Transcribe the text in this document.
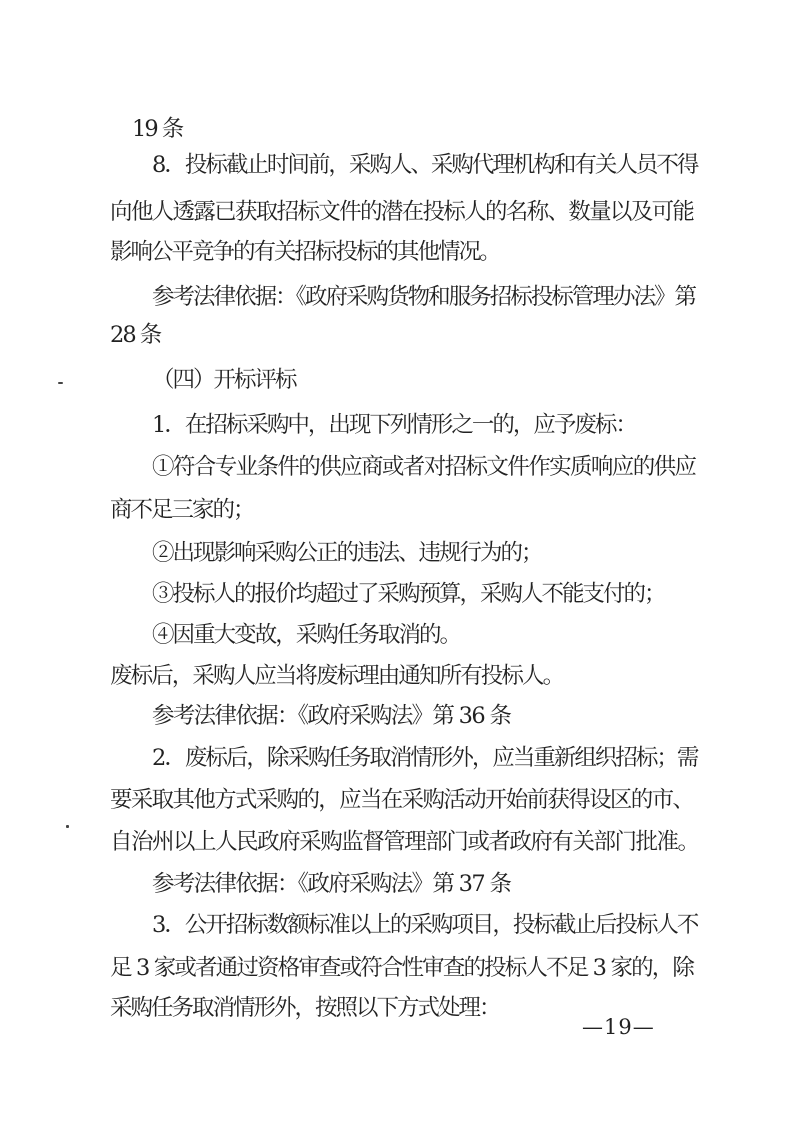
19 条
8．投标截止时间前，采购人、采购代理机构和有关人员不得
向他人透露已获取招标文件的潜在投标人的名称、数量以及可能
影响公平竞争的有关招标投标的其他情况。
参考法律依据：《政府采购货物和服务招标投标管理办法》第
28 条
（四）开标评标
1．在招标采购中，出现下列情形之一的，应予废标：
①符合专业条件的供应商或者对招标文件作实质响应的供应
商不足三家的；
②出现影响采购公正的违法、违规行为的；
③投标人的报价均超过了采购预算，采购人不能支付的；
④因重大变故，采购任务取消的。
废标后，采购人应当将废标理由通知所有投标人。
参考法律依据：《政府采购法》第 36 条
2．废标后，除采购任务取消情形外，应当重新组织招标；需
要采取其他方式采购的，应当在采购活动开始前获得设区的市、
自治州以上人民政府采购监督管理部门或者政府有关部门批准。
参考法律依据：《政府采购法》第 37 条
3．公开招标数额标准以上的采购项目，投标截止后投标人不
足 3 家或者通过资格审查或符合性审查的投标人不足 3 家的，除
采购任务取消情形外，按照以下方式处理：
—19—
